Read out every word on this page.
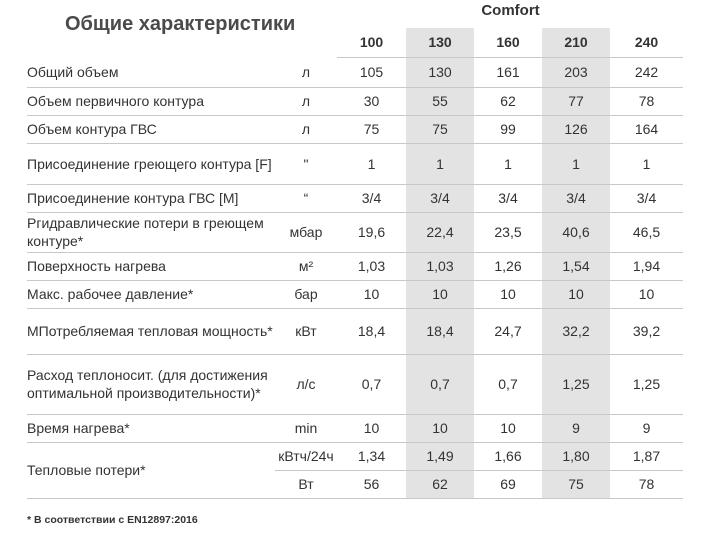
Общие характеристики
Comfort
		100	130	160	210	240
Общий объем	л	105	130	161	203	242
Объем первичного контура	л	30	55	62	77	78
Объем контура ГВС	л	75	75	99	126	164
Присоединение греющего контура [F]	"	1	1	1	1	1
Присоединение контура ГВС [M]	“	3/4	3/4	3/4	3/4	3/4
Ргидравлические потери в греющем контуре*	мбар	19,6	22,4	23,5	40,6	46,5
Поверхность нагрева	м²	1,03	1,03	1,26	1,54	1,94
Макс. рабочее давление*	бар	10	10	10	10	10
МПотребляемая тепловая мощность*	кВт	18,4	18,4	24,7	32,2	39,2
Расход теплоносит. (для достижения оптимальной производительности)*	л/с	0,7	0,7	0,7	1,25	1,25
Время нагрева*	min	10	10	10	9	9
Тепловые потери*	кВтч/24ч	1,34	1,49	1,66	1,80	1,87
	Вт	56	62	69	75	78
* В соответствии с EN12897:2016
